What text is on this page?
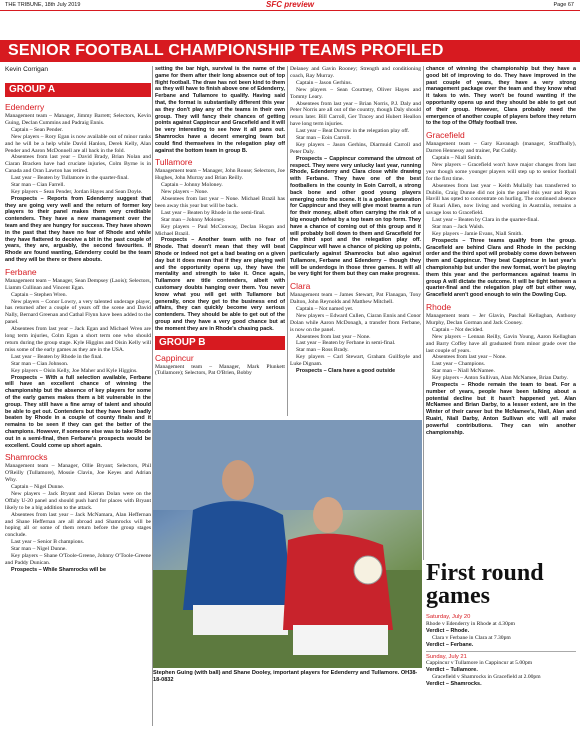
THE TRIBUNE, 18th July 2019	SFC preview	Page 67
SENIOR FOOTBALL CHAMPIONSHIP TEAMS PROFILED
Kevin Corrigan
GROUP A
Edenderry

Management team – Manager, Jimmy Barrett; Selectors, Kevin Guing, Declan Cummins and Padraig Ennis.

Captain – Sean Pender.

New players – Rory Egan is now available out of minor ranks and he will be a help while David Hanlon, Derek Kelly, Alan Pender and Aaron McDonnell are all back in the fold.

Absentees from last year – David Brady, Brian Nolan and Ciaran Bracken have had cruciate injuries, Colm Byrne is in Canada and Oran Lawton has retired.

Last year – Beaten by Tullamore in the quarter-final.

Star man – Cian Farrell.

Key players – Sean Pender, Jordan Hayes and Sean Doyle.

Prospects – Reports from Edenderry suggest that they are going very well and the return of former key players to their panel makes them very creditable contenders. They have a new management over the team and they are hungry for success. They have shown in the past that they have no fear of Rhode and while they have flattered to deceive a bit in the past couple of years, they are, arguably, the second favourites. If Rhode are found wanting, Edenderry could be the team and they will be there or there abouts.

Ferbane

Management team – Manager, Sean Dempsey (Laois); Selectors, Liamm Cullinan and Vincent Egan.

Captain – Stephen Wren.

New players – Conor Lowry, a very talented underage player, has returned after a couple of years off the scene and David Nally, Bernard Greenan and Cathal Flynn have been added to the panel.

Absentees from last year – Jack Egan and Michael Wren are long term injuries, Colm Egan a short term one who should return during the group stage. Kyle Higgins and Oisin Kelly will miss some of the early games as they are in the USA.

Last year – Beaten by Rhode in the final.

Star man – Cian Johnson.

Key players – Oisin Kelly, Joe Maher and Kyle Higgins.

Prospects – With a full selection available, Ferbane will have an excellent chance of winning the championship but the absence of key players for some of the early games makes them a bit vulnerable in the group. They still have a fine array of talent and should be able to get out. Contenders but they have been badly beaten by Rhode in a couple of county finals and it remains to be seen if they can get the better of the champions. However, if someone else was to take Rhode out in a semi-final, then Ferbane's prospects would be excellent. Could come up short again.

Shamrocks

Management team – Manager, Ollie Bryant; Selectors, Phil O'Reilly (Tullamore), Mossie Clavin, Joe Keyes and Adrian Why.

Captain – Nigel Dunne.

New players – Jack Bryant and Kieran Dolan were on the Offaly U-20 panel and should push hard for places with Bryant likely to be a big addition to the attack.

Absentees from last year – Jack McNamara, Alan Heffernan and Shane Heffernan are all abroad and Shamrocks will be hoping all or some of them return before the group stages conclude.

Last year – Senior B champions.

Star man – Nigel Dunne.

Key players – Shane O'Toole-Greene, Johnny O'Toole-Greene and Paddy Dunican.

Prospects – While Shamrocks will be

setting the bar high, survival is the name of the game for them after their long absence out of top flight football. The draw has not been kind to them as they will have to finish above one of Edenderry, Ferbane and Tullamore to qualify. Having said that, the format is substantially different this year as they don't play any of the teams in their own group. They will fancy their chances of getting points against Cappincur and Gracefield and it will be very interesting to see how it all pans out. Shamrocks have a decent emerging team but could find themselves in the relegation play off against the bottom team in group B.

Tullamore

Management team – Manager, John Rouse; Selectors, Joe Hughes, John Murray and Brian Reilly.

Captain – Johnny Moloney.

New players – None.

Absentees from last year – None. Michael Brazil has been away this year but will be back.

Last year – Beaten by Rhode in the semi-final.

Star man – Johnny Moloney.

Key players – Paul McConway, Declan Hogan and Michael Brazil.

Prospects – Another team with no fear of Rhode. That doesn't mean that they will beat Rhode or indeed not get a bad beating on a given day but it does mean that if they are playing well and the opportunity opens up, they have the mentality and strength to take it. Once again, Tullamore are title contenders, albeit with customary doubts hanging over them. You never know what you will get with Tullamore but generally, once they get to the business end of affairs, they can quickly become very serious contenders. They should be able to get out of the group and they have a very good chance but at the moment they are in Rhode's chasing pack.

GROUP B
Cappincur

Management team – Manager, Mark Plunkett (Tullamore); Selectors, Pat O'Brien, Bobby

Delaney and Gavin Rooney; Strength and conditioning coach, Ray Murray.

Captain – Jason Gerhins.

New players – Sean Courtney, Oliver Hayes and Tommy Leary.

Absentees from last year – Brian Norris, P.J. Daly and Peter Norris are all out of the country, though Daly should return later. Bill Carroll, Ger Tracey and Hubert Heallon have long term injuries.

Last year – Beat Durrow in the relegation play off.

Star man – Eoin Carroll.

Key players – Jason Gerhins, Diarmuid Carroll and Peter Daly.

Prospects – Cappincur command the utmost of respect. They were very unlucky last year, running Rhode, Edenderry and Clara close while drawing with Ferbane. They have one of the best footballers in the county in Eoin Carroll, a strong back bone and other good young players emerging onto the scene. It is a golden generation for Cappincur and they will give most teams a run for their money, albeit often carrying the risk of a big enough defeat by a top team on top form. They have a chance of coming out of this group and it will probably boil down to them and Gracefield for the third spot and the relegation play off. Cappincur will have a chance of picking up points, particularly against Shamrocks but also against Tullamore, Ferbane and Edenderry – though they will be underdogs in those three games. It will all be very tight for them but they can make progress.

Clara

Management team – James Stewart, Pat Flanagan, Tony Dalton, John Reynolds and Matthew Mitchell.

Captain – Not named yet.

New players – Edward Cullen, Ciaran Ennis and Conor Dolan while Aaron McDonagh, a transfer from Ferbane, is now on the panel.

Absentees from last year – None.

Last year – Beaten by Ferbane in semi-final.

Star man – Ross Brady.

Key players – Carl Stewart, Graham Guilfoyle and Luke Dignam.

Prospects – Clara have a good outside

chance of winning the championship but they have a good bit of improving to do. They have improved in the past couple of years, they have a very strong management package over the team and they know what it takes to win. They won't be found wanting if the opportunity opens up and they should be able to get out of their group. However, Clara probably need the emergence of another couple of players before they return to the top of the Offaly football tree.

Gracefield

Management team – Gary Kavanagh (manager, Straffbally), Darren Hennessy and trainer, Pat Cuddy.

Captain – Niall Smith.

New players – Gracefield won't have major changes from last year though some younger players will step up to senior football for the first time.

Absentees from last year – Keith Mullally has transferred to Dublin, Craig Dunne did not join the panel this year and Ryan Havill has opted to concentrate on hurling. The continued absence of Ruari Allen, now living and working in Australia, remains a savage loss to Gracefield.

Last year – Beaten by Clara in the quarter-final.

Star man – Jack Walsh.

Key players – Jamie Evans, Niall Smith.

Prospects – Three teams qualify from the group. Gracefield are behind Clara and Rhode in the pecking order and the third spot will probably come down between them and Cappincur. They beat Cappincur in last year's championship but under the new format, won't be playing them this year and the performances against teams in group A will dictate the outcome. It will be tight between a quarter-final and the relegation play off but either way, Gracefield aren't good enough to win the Dowling Cup.

Rhode

Management team – Jer Glavin, Paschal Kellaghan, Anthony Murphy, Declan Gorman and Jack Cooney.

Captain – Not decided.

New players – Lennan Reilly, Gavin Young, Aaron Kellaghan and Barry Coffey have all graduated from minor grade over the last couple of years.

Absentees from last year – None.

Last year – Champions.

Star man – Niall McNamee.

Key players – Anton Sullivan, Alan McNamee, Brian Darby.

Prospects – Rhode remain the team to beat. For a number of years, people have been talking about a potential decline but it hasn't happened yet. Alan McNamee and Brian Darby, to a lesser extent, are in the Winter of their career but the McNamee's, Niall, Alan and Ruairi, Niall Darby, Anton Sullivan etc will all make powerful contributions. They can win another championship.

Stephen Guing (with ball) and Shane Dooley, important players for Edenderry and Tullamore. OH38-18-0832
First round games
Saturday, July 20
Rhode v Edenderry in Rhode at 4.30pm
Verdict – Rhode.
Clara v Ferbane in Clara at 7.30pm
Verdict – Ferbane.
Sunday, July 21
Cappincur v Tullamore in Cappincur at 5.00pm
Verdict – Tullamore.
Gracefield v Shamrocks in Gracefield at 2.00pm
Verdict – Shamrocks.
